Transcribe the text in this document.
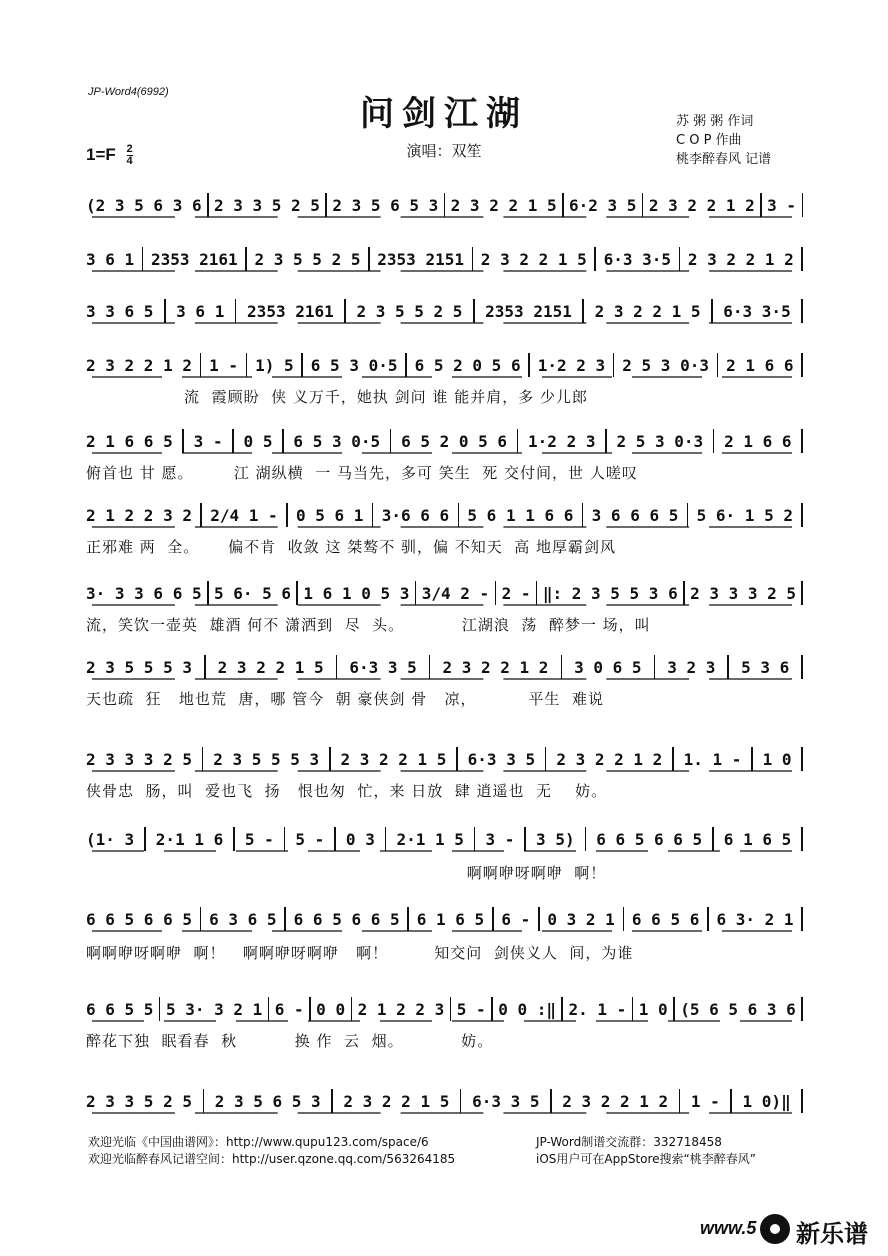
JP-Word4(6992)
问剑江湖
$1=F \frac{2}{4}$	演唱：双笙
苏 粥 粥 作词
C O P 作曲
桃李醉春风 记谱
(2 3 5 6 3 6 2 3 3 5 2 5 2 3 5 6 5 3 2 3 2 2 1 5 6·2 3 5 2 3 2 2 1 2 3 -
3 6 1 2353 2161 2 3 5 5 2 5 2353 2151 2 3 2 2 1 5 6·3 3·5 2 3 2 2 1 2
3 3 6 5 3 6 1 2353 2161 2 3 5 5 2 5 2353 2151 2 3 2 2 1 5 6·3 3·5
2 3 2 2 1 2 1 - 1) 5 6 5 3 0·5 6 5 2 0 5 6 1·2 2 3 2 5 3 0·3 2 1 6 6
流  霞顾盼  侠 义万千，她执 剑问 谁 能并肩，多 少儿郎
2 1 6 6 5 3 - 0 5 6 5 3 0·5 6 5 2 0 5 6 1·2 2 3 2 5 3 0·3 2 1 6 6
俯首也 甘 愿。       江 湖纵横  一 马当先，多可 笑生  死 交付间，世 人嗟叹
2 1 2 2 3 2 2/4 1 - 0 5 6 1 3·6 6 6 5 6 1 1 6 6 3 6 6 6 5 5 6· 1 5 2
正邪难 两  全。     偏不肯  收敛 这 桀骜不 驯，偏 不知天  高 地厚霸剑风
3· 3 3 6 6 5 5 6· 5 6 1 6 1 0 5 3 3/4 2 - 2 - ‖: 2 3 5 5 3 6 2 3 3 3 2 5
流，笑饮一壶英  雄酒 何不 潇洒到  尽  头。          江湖浪  荡  醉梦一 场，叫
2 3 5 5 5 3 2 3 2 2 1 5 6·3 3 5 2 3 2 2 1 2 3 0 6 5 3 2 3 5 3 6
天也疏  狂   地也荒  唐，哪 管今  朝 豪侠剑 骨   凉，         平生  难说
2 3 3 3 2 5 2 3 5 5 5 3 2 3 2 2 1 5 6·3 3 5 2 3 2 2 1 2 1. 1 - 1 0
侠骨忠  肠，叫  爱也飞  扬   恨也匆  忙，来 日放  肆 逍遥也  无    妨。
(1· 3 2·1 1 6 5 - 5 - 0 3 2·1 1 5 3 - 3 5) 6 6 5 6 6 5 6 1 6 5
啊啊咿呀啊咿  啊！
6 6 5 6 6 5 6 3 6 5 6 6 5 6 6 5 6 1 6 5 6 - 0 3 2 1 6 6 5 6 6 3· 2 1
啊啊咿呀啊咿  啊！   啊啊咿呀啊咿   啊！        知交问  剑侠义人  间，为谁
6 6 5 5 5 3· 3 2 1 6 - 0 0 2 1 2 2 3 5 - 0 0 :‖ 2. 1 - 1 0 (5 6 5 6 3 6
醉花下独  眠看春  秋          换 作  云  烟。          妨。
2 3 3 5 2 5 2 3 5 6 5 3 2 3 2 2 1 5 6·3 3 5 2 3 2 2 1 2 1 - 1 0)‖
欢迎光临《中国曲谱网》：http://www.qupu123.com/space/6
欢迎光临醉春风记谱空间：http://user.qzone.qq.com/563264185
JP-Word制谱交流群：332718458
iOS用户可在AppStore搜索“桃李醉春风”
www.5 新乐谱
